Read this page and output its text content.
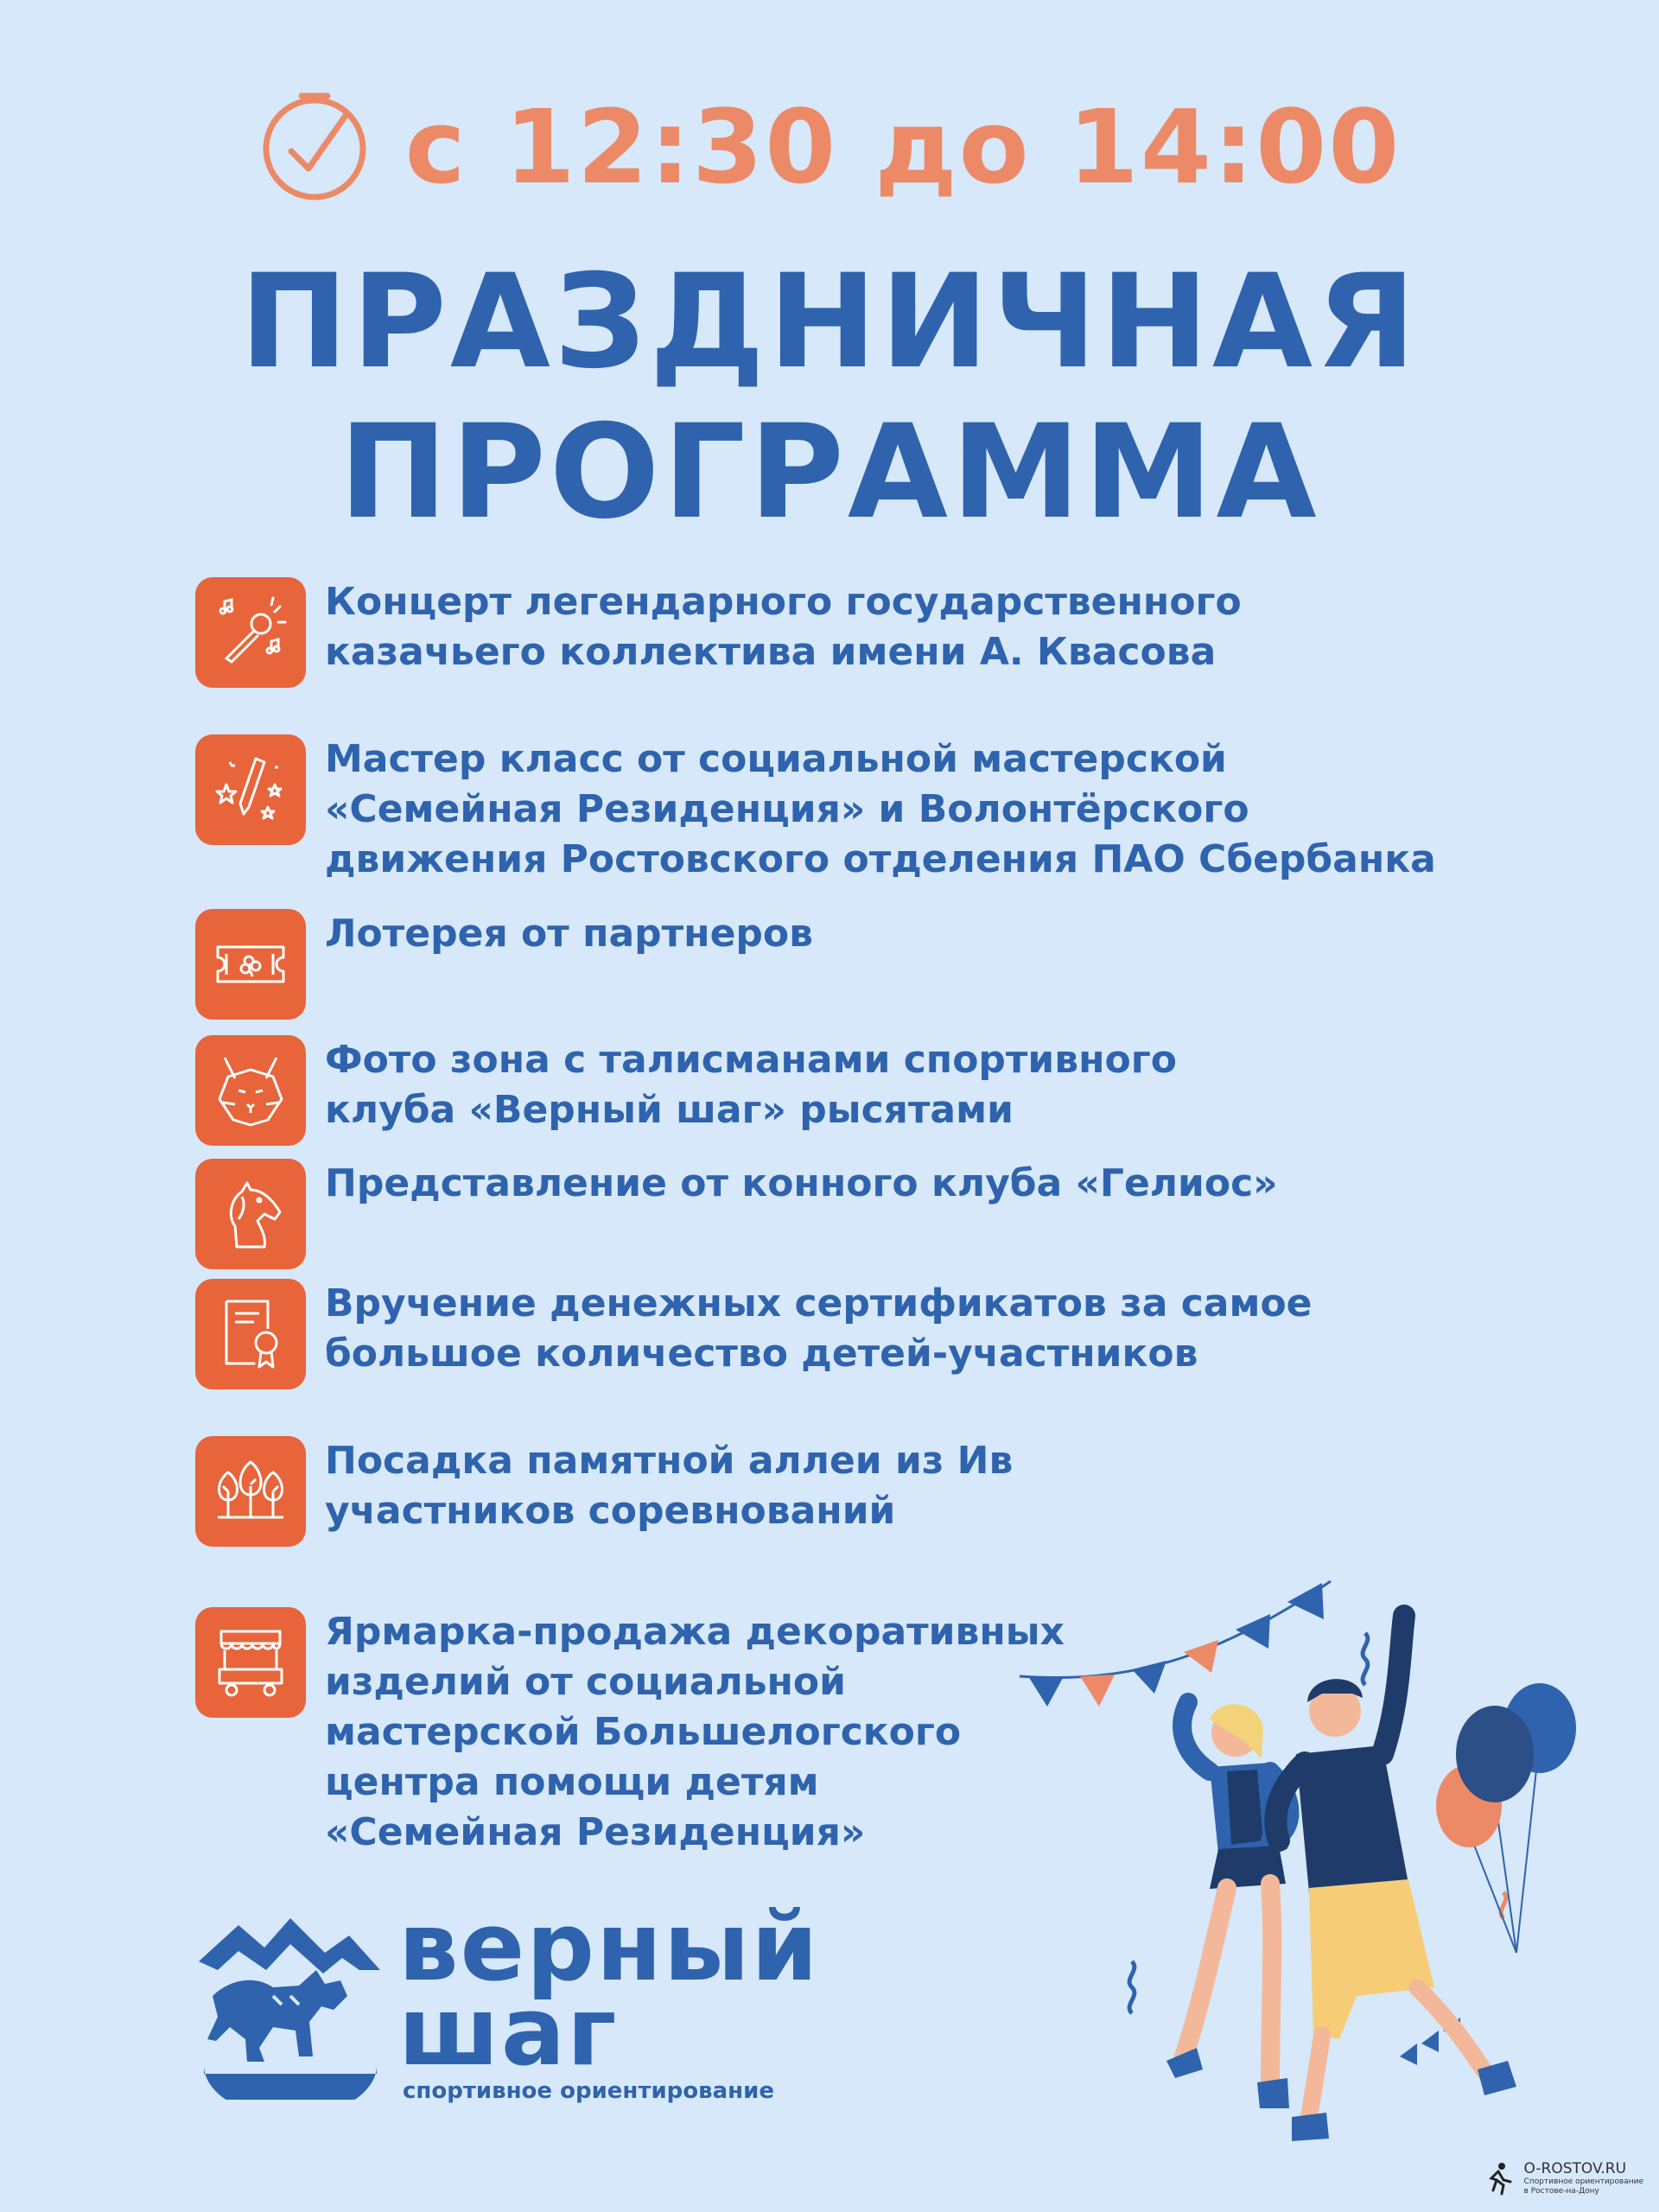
с 12:30 до 14:00
ПРАЗДНИЧНАЯ
ПРОГРАММА
Концерт легендарного государственного
казачьего коллектива имени А. Квасова
Мастер класс от социальной мастерской
«Семейная Резиденция» и Волонтёрского
движения Ростовского отделения ПАО Сбербанка
Лотерея от партнеров
Фото зона с талисманами спортивного
клуба «Верный шаг» рысятами
Представление от конного клуба «Гелиос»
Вручение денежных сертификатов за самое
большое количество детей-участников
Посадка памятной аллеи из Ив
участников соревнований
Ярмарка-продажа декоративных
изделий от социальной
мастерской Большелогского
центра помощи детям
«Семейная Резиденция»
верный
шаг
спортивное ориентирование
O-ROSTOV.RU
Спортивное ориентирование
в Ростове-на-Дону
